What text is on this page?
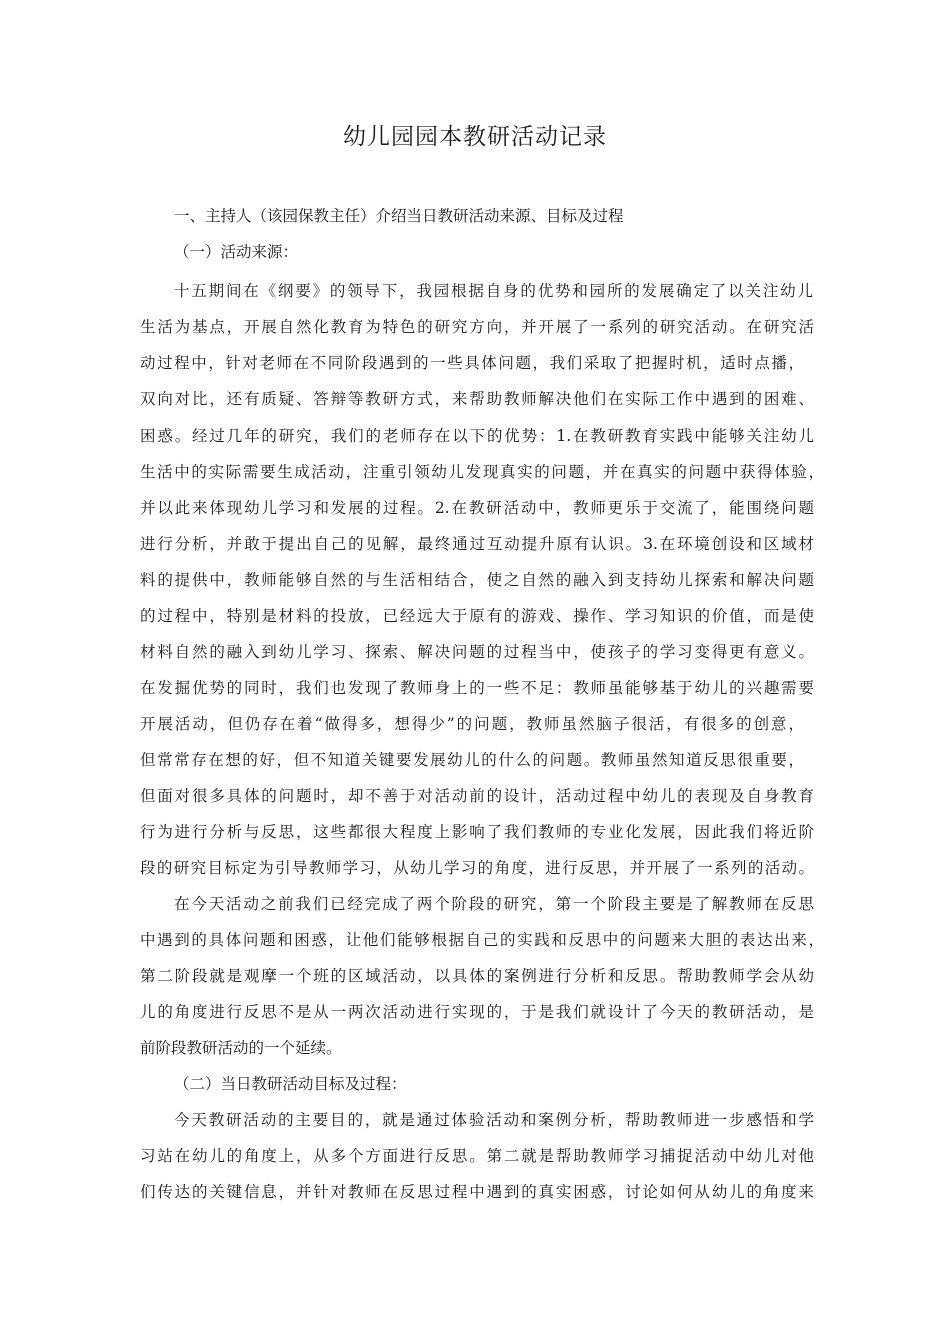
幼儿园园本教研活动记录
一、主持人（该园保教主任）介绍当日教研活动来源、目标及过程
（一）活动来源：
十五期间在《纲要》的领导下，我园根据自身的优势和园所的发展确定了以关注幼儿
生活为基点，开展自然化教育为特色的研究方向，并开展了一系列的研究活动。在研究活
动过程中，针对老师在不同阶段遇到的一些具体问题，我们采取了把握时机，适时点播，
双向对比，还有质疑、答辩等教研方式，来帮助教师解决他们在实际工作中遇到的困难、
困惑。经过几年的研究，我们的老师存在以下的优势：1.在教研教育实践中能够关注幼儿
生活中的实际需要生成活动，注重引领幼儿发现真实的问题，并在真实的问题中获得体验，
并以此来体现幼儿学习和发展的过程。2.在教研活动中，教师更乐于交流了，能围绕问题
进行分析，并敢于提出自己的见解，最终通过互动提升原有认识。3.在环境创设和区域材
料的提供中，教师能够自然的与生活相结合，使之自然的融入到支持幼儿探索和解决问题
的过程中，特别是材料的投放，已经远大于原有的游戏、操作、学习知识的价值，而是使
材料自然的融入到幼儿学习、探索、解决问题的过程当中，使孩子的学习变得更有意义。
在发掘优势的同时，我们也发现了教师身上的一些不足：教师虽能够基于幼儿的兴趣需要
开展活动，但仍存在着“做得多，想得少”的问题，教师虽然脑子很活，有很多的创意，
但常常存在想的好，但不知道关键要发展幼儿的什么的问题。教师虽然知道反思很重要，
但面对很多具体的问题时，却不善于对活动前的设计，活动过程中幼儿的表现及自身教育
行为进行分析与反思，这些都很大程度上影响了我们教师的专业化发展，因此我们将近阶
段的研究目标定为引导教师学习，从幼儿学习的角度，进行反思，并开展了一系列的活动。
在今天活动之前我们已经完成了两个阶段的研究，第一个阶段主要是了解教师在反思
中遇到的具体问题和困惑，让他们能够根据自己的实践和反思中的问题来大胆的表达出来，
第二阶段就是观摩一个班的区域活动，以具体的案例进行分析和反思。帮助教师学会从幼
儿的角度进行反思不是从一两次活动进行实现的，于是我们就设计了今天的教研活动，是
前阶段教研活动的一个延续。
（二）当日教研活动目标及过程：
今天教研活动的主要目的，就是通过体验活动和案例分析，帮助教师进一步感悟和学
习站在幼儿的角度上，从多个方面进行反思。第二就是帮助教师学习捕捉活动中幼儿对他
们传达的关键信息，并针对教师在反思过程中遇到的真实困惑，讨论如何从幼儿的角度来
